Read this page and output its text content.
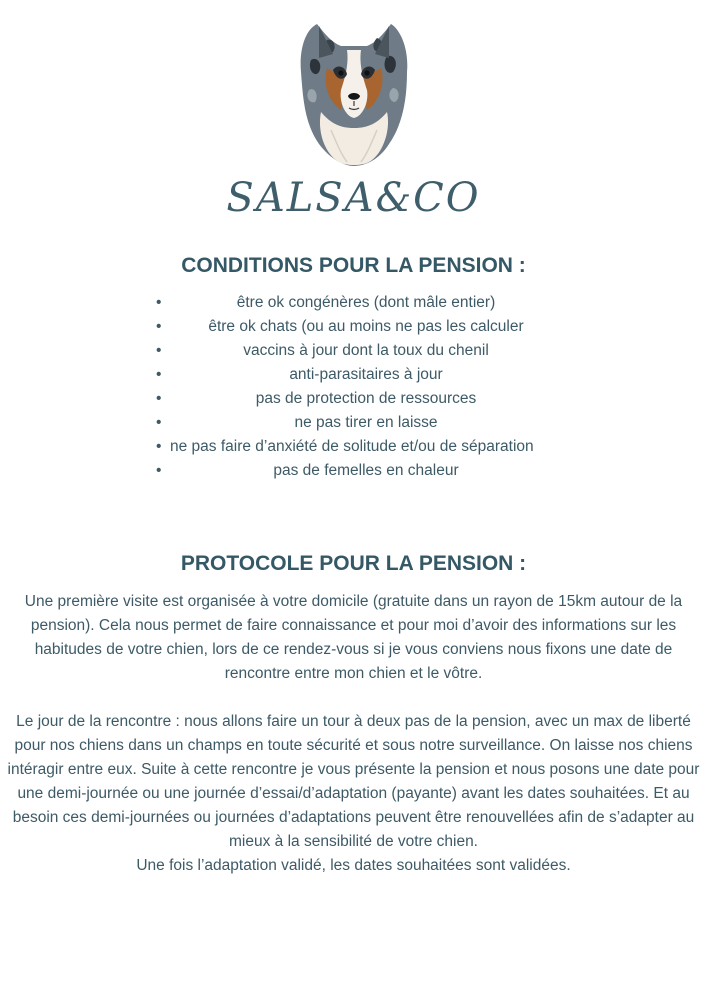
SALSA&CO
CONDITIONS POUR LA PENSION :
•	être ok congénères (dont mâle entier)
•	être ok chats (ou au moins ne pas les calculer
•	vaccins à jour dont la toux du chenil
•	anti-parasitaires à jour
•	pas de protection de ressources
•	ne pas tirer en laisse
• ne pas faire d’anxiété de solitude et/ou de séparation
•	pas de femelles en chaleur
PROTOCOLE POUR LA PENSION :

Une première visite est organisée à votre domicile (gratuite dans un rayon de 15km autour de la pension). Cela nous permet de faire connaissance et pour moi d’avoir des informations sur les habitudes de votre chien, lors de ce rendez-vous si je vous conviens nous fixons une date de rencontre entre mon chien et le vôtre.

Le jour de la rencontre : nous allons faire un tour à deux pas de la pension, avec un max de liberté pour nos chiens dans un champs en toute sécurité et sous notre surveillance. On laisse nos chiens intéragir entre eux. Suite à cette rencontre je vous présente la pension et nous posons une date pour une demi-journée ou une journée d’essai/d’adaptation (payante) avant les dates souhaitées. Et au besoin ces demi-journées ou journées d’adaptations peuvent être renouvellées afin de s’adapter au mieux à la sensibilité de votre chien.
Une fois l’adaptation validé, les dates souhaitées sont validées.
